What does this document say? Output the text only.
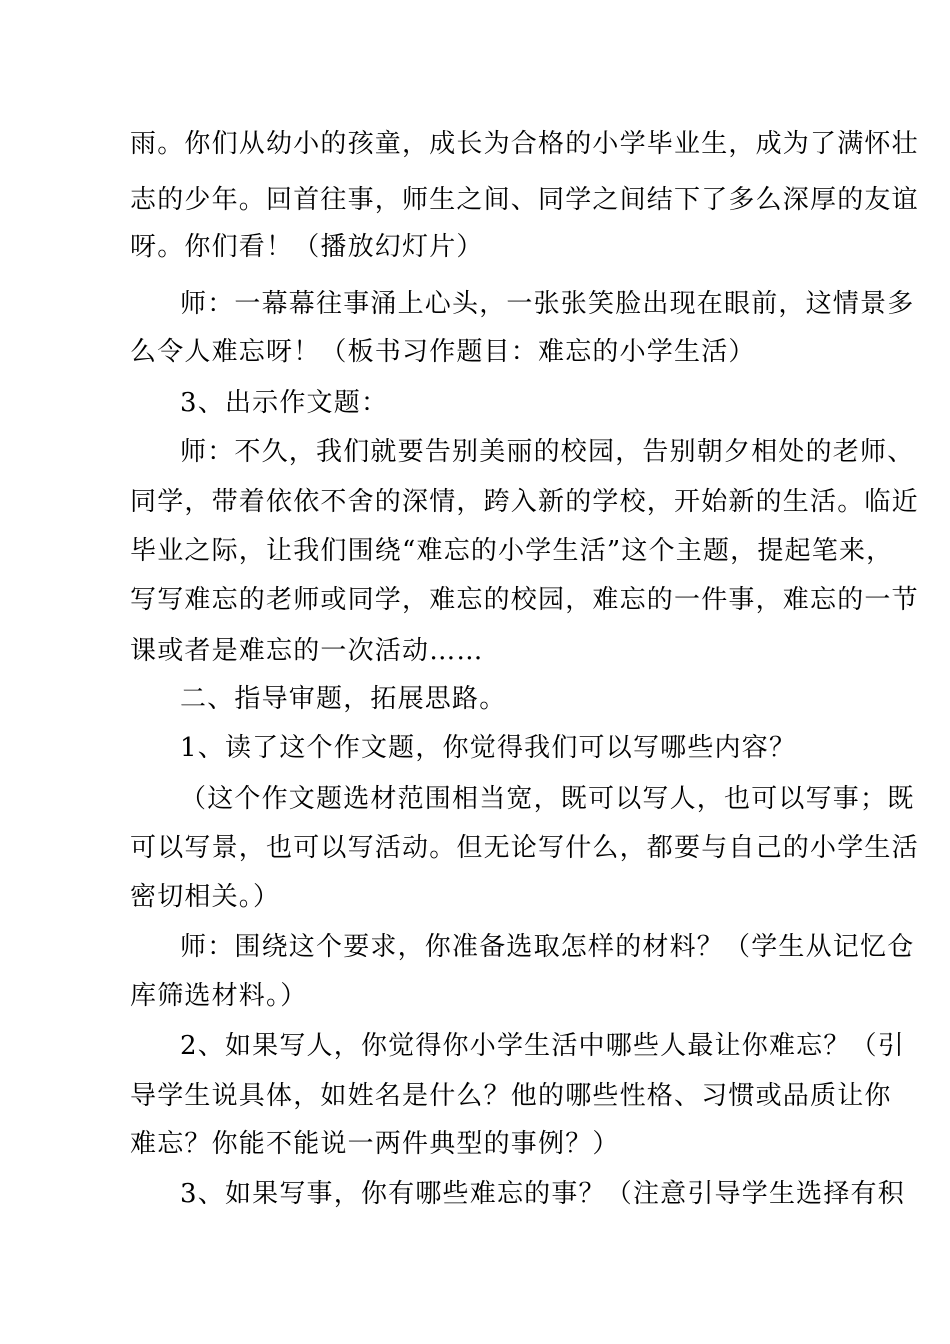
雨。你们从幼小的孩童，成长为合格的小学毕业生，成为了满怀壮
志的少年。回首往事，师生之间、同学之间结下了多么深厚的友谊
呀。你们看！（播放幻灯片）
师：一幕幕往事涌上心头，一张张笑脸出现在眼前，这情景多
么令人难忘呀！（板书习作题目：难忘的小学生活）
3、出示作文题：
师：不久，我们就要告别美丽的校园，告别朝夕相处的老师、
同学，带着依依不舍的深情，跨入新的学校，开始新的生活。临近
毕业之际，让我们围绕“难忘的小学生活”这个主题，提起笔来，
写写难忘的老师或同学，难忘的校园，难忘的一件事，难忘的一节
课或者是难忘的一次活动……
二、指导审题，拓展思路。
1、读了这个作文题，你觉得我们可以写哪些内容？
（这个作文题选材范围相当宽，既可以写人，也可以写事；既
可以写景，也可以写活动。但无论写什么，都要与自己的小学生活
密切相关。）
师：围绕这个要求，你准备选取怎样的材料？（学生从记忆仓
库筛选材料。）
2、如果写人，你觉得你小学生活中哪些人最让你难忘？（引
导学生说具体，如姓名是什么？他的哪些性格、习惯或品质让你
难忘？你能不能说一两件典型的事例？）
3、如果写事，你有哪些难忘的事？（注意引导学生选择有积
